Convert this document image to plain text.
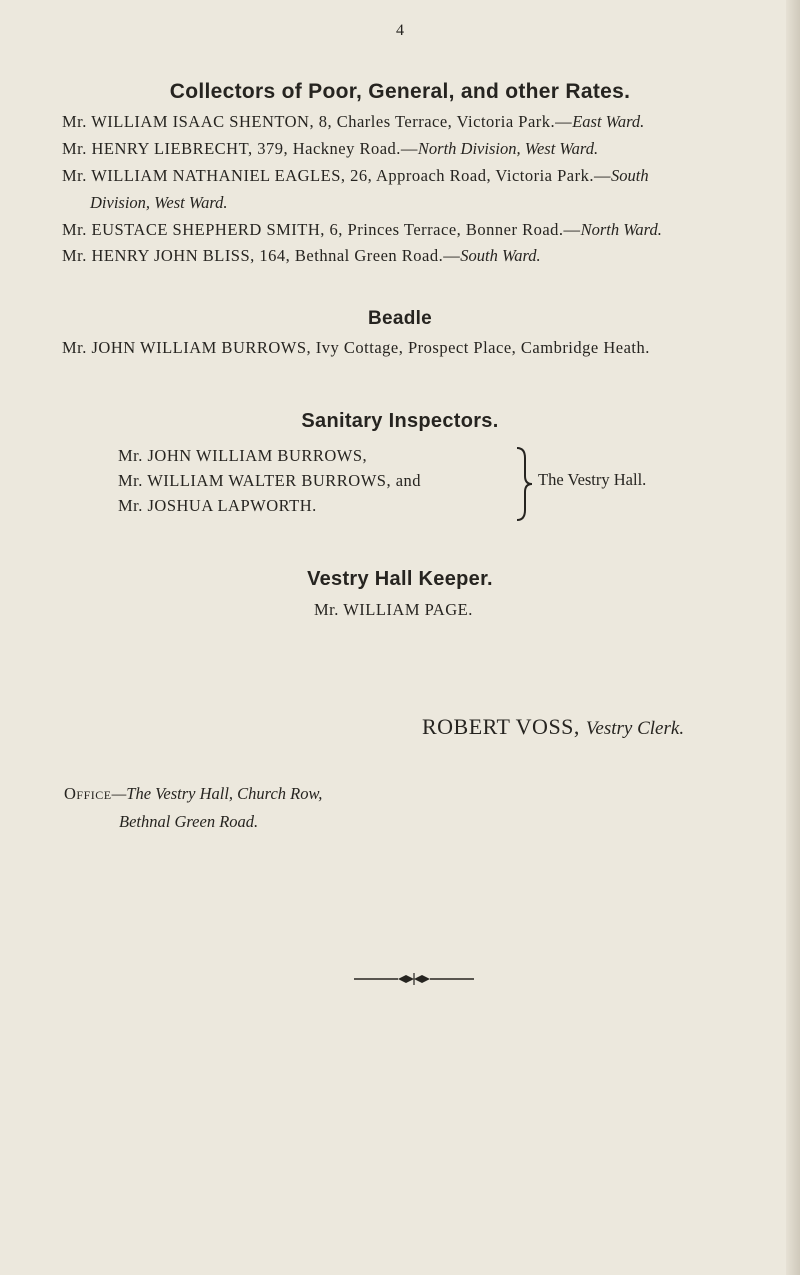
4
Collectors of Poor, General, and other Rates.
Mr. WILLIAM ISAAC SHENTON, 8, Charles Terrace, Victoria Park.—East Ward.
Mr. HENRY LIEBRECHT, 379, Hackney Road.—North Division, West Ward.
Mr. WILLIAM NATHANIEL EAGLES, 26, Approach Road, Victoria Park.—South
Division, West Ward.
Mr. EUSTACE SHEPHERD SMITH, 6, Princes Terrace, Bonner Road.—North Ward.
Mr. HENRY JOHN BLISS, 164, Bethnal Green Road.—South Ward.
Beadle
Mr. JOHN WILLIAM BURROWS, Ivy Cottage, Prospect Place, Cambridge Heath.
Sanitary Inspectors.
Mr. JOHN WILLIAM BURROWS,
Mr. WILLIAM WALTER BURROWS, and
Mr. JOSHUA LAPWORTH.
The Vestry Hall.
Vestry Hall Keeper.
Mr. WILLIAM PAGE.
ROBERT VOSS, Vestry Clerk.
Office—The Vestry Hall, Church Row,
Bethnal Green Road.
